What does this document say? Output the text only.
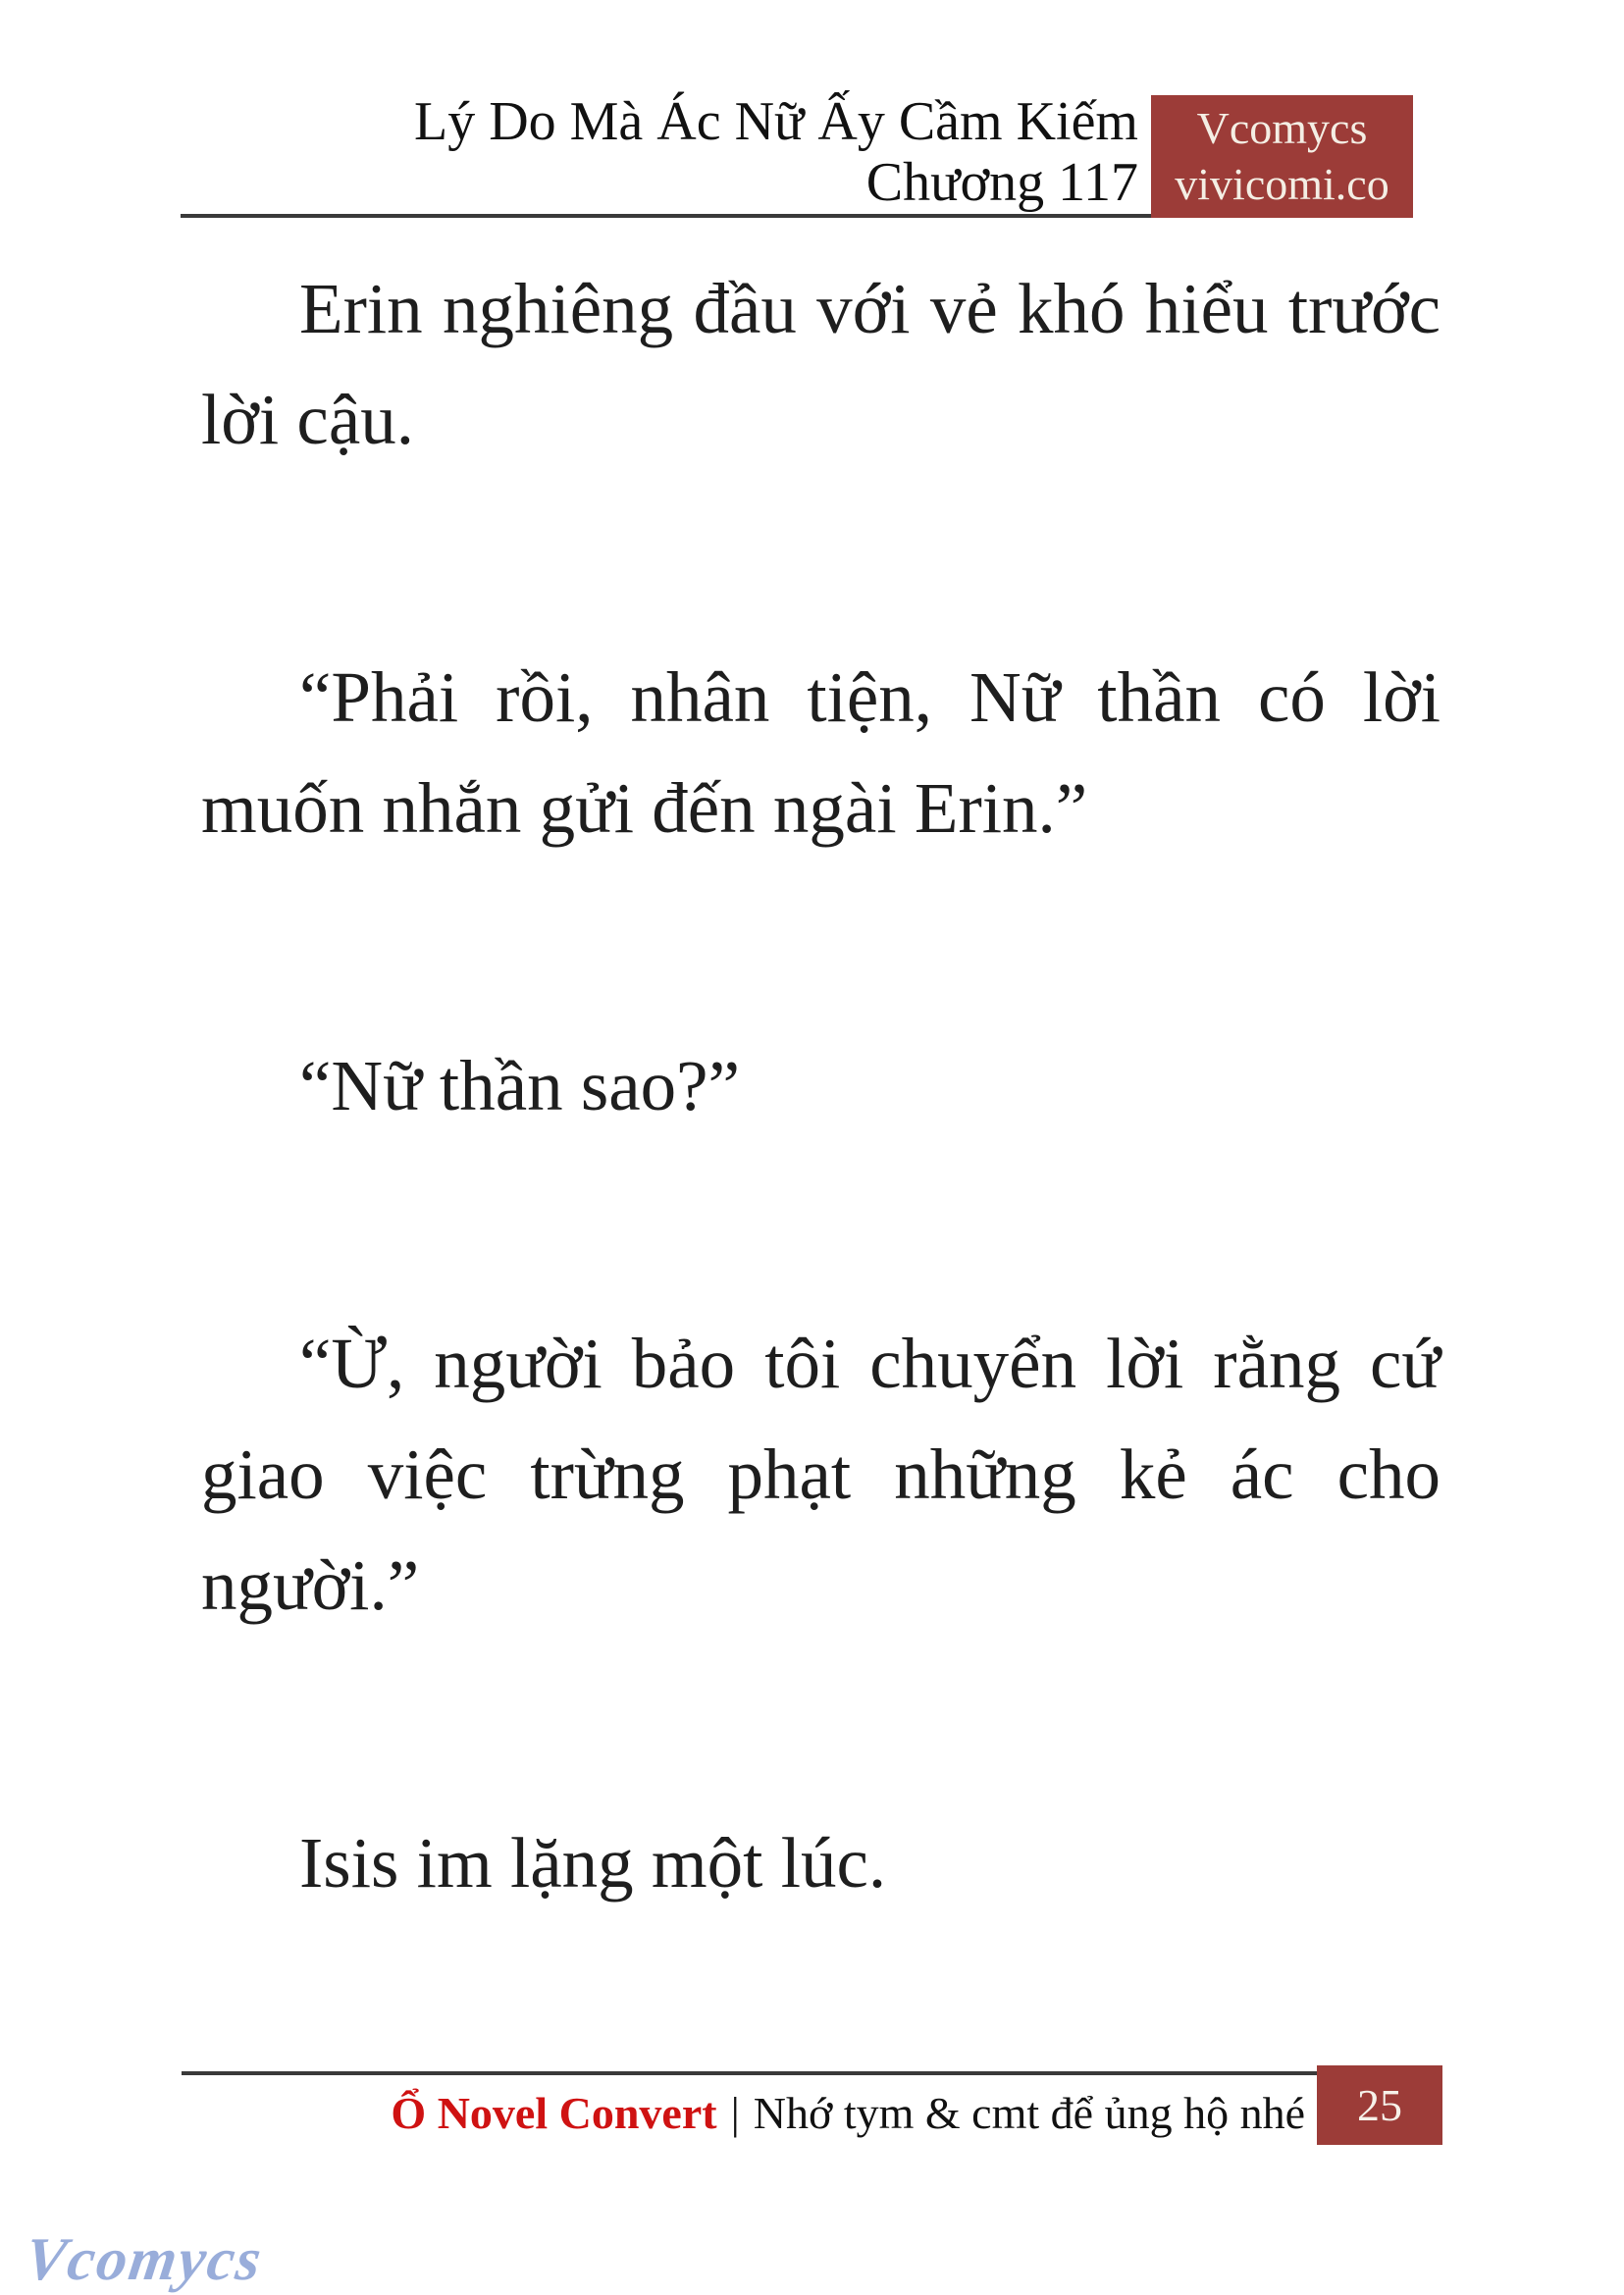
Lý Do Mà Ác Nữ Ấy Cầm Kiếm
Chương 117
Vcomycs
vivicomi.co

Erin nghiêng đầu với vẻ khó hiểu trước lời cậu.

“Phải rồi, nhân tiện, Nữ thần có lời muốn nhắn gửi đến ngài Erin.”

“Nữ thần sao?”

“Ừ, người bảo tôi chuyển lời rằng cứ giao việc trừng phạt những kẻ ác cho người.”

Isis im lặng một lúc.

Ổ Novel Convert | Nhớ tym & cmt để ủng hộ nhé 25
Vcomycs
